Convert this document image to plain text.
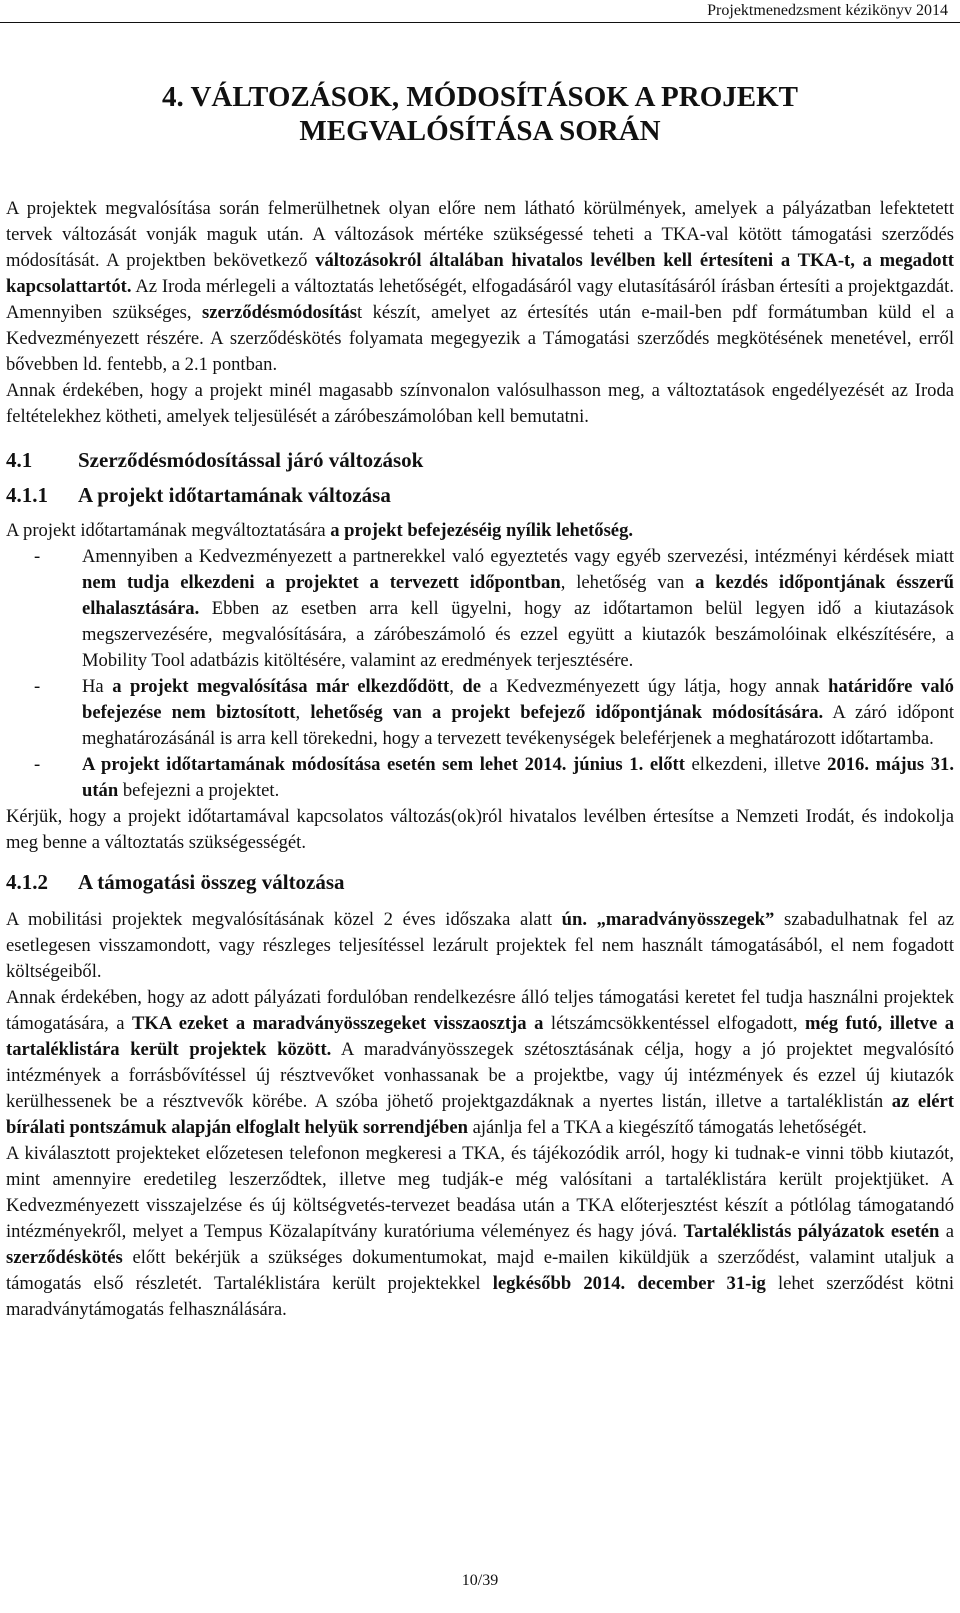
Projektmenedzsment kézikönyv 2014
4. VÁLTOZÁSOK, MÓDOSÍTÁSOK A PROJEKT
MEGVALÓSÍTÁSA SORÁN

A projektek megvalósítása során felmerülhetnek olyan előre nem látható körülmények, amelyek a pályázatban lefektetett tervek változását vonják maguk után. A változások mértéke szükségessé teheti a TKA-val kötött támogatási szerződés módosítását. A projektben bekövetkező változásokról általában hivatalos levélben kell értesíteni a TKA-t, a megadott kapcsolattartót. Az Iroda mérlegeli a változtatás lehetőségét, elfogadásáról vagy elutasításáról írásban értesíti a projektgazdát. Amennyiben szükséges, szerződésmódosítást készít, amelyet az értesítés után e-mail-ben pdf formátumban küld el a Kedvezményezett részére. A szerződéskötés folyamata megegyezik a Támogatási szerződés megkötésének menetével, erről bővebben ld. fentebb, a 2.1 pontban.

Annak érdekében, hogy a projekt minél magasabb színvonalon valósulhasson meg, a változtatások engedélyezését az Iroda feltételekhez kötheti, amelyek teljesülését a záróbeszámolóban kell bemutatni.

4.1	Szerződésmódosítással járó változások
4.1.1	A projekt időtartamának változása

A projekt időtartamának megváltoztatására a projekt befejezéséig nyílik lehetőség.

- Amennyiben a Kedvezményezett a partnerekkel való egyeztetés vagy egyéb szervezési, intézményi kérdések miatt nem tudja elkezdeni a projektet a tervezett időpontban, lehetőség van a kezdés időpontjának ésszerű elhalasztására. Ebben az esetben arra kell ügyelni, hogy az időtartamon belül legyen idő a kiutazások megszervezésére, megvalósítására, a záróbeszámoló és ezzel együtt a kiutazók beszámolóinak elkészítésére, a Mobility Tool adatbázis kitöltésére, valamint az eredmények terjesztésére.
- Ha a projekt megvalósítása már elkezdődött, de a Kedvezményezett úgy látja, hogy annak határidőre való befejezése nem biztosított, lehetőség van a projekt befejező időpontjának módosítására. A záró időpont meghatározásánál is arra kell törekedni, hogy a tervezett tevékenységek beleférjenek a meghatározott időtartamba.
- A projekt időtartamának módosítása esetén sem lehet 2014. június 1. előtt elkezdeni, illetve 2016. május 31. után befejezni a projektet.

Kérjük, hogy a projekt időtartamával kapcsolatos változás(ok)ról hivatalos levélben értesítse a Nemzeti Irodát, és indokolja meg benne a változtatás szükségességét.

4.1.2	A támogatási összeg változása

A mobilitási projektek megvalósításának közel 2 éves időszaka alatt ún. „maradványösszegek” szabadulhatnak fel az esetlegesen visszamondott, vagy részleges teljesítéssel lezárult projektek fel nem használt támogatásából, el nem fogadott költségeiből.

Annak érdekében, hogy az adott pályázati fordulóban rendelkezésre álló teljes támogatási keretet fel tudja használni projektek támogatására, a TKA ezeket a maradványösszegeket visszaosztja a létszámcsökkentéssel elfogadott, még futó, illetve a tartaléklistára került projektek között. A maradványösszegek szétosztásának célja, hogy a jó projektet megvalósító intézmények a forrásbővítéssel új résztvevőket vonhassanak be a projektbe, vagy új intézmények és ezzel új kiutazók kerülhessenek be a résztvevők körébe. A szóba jöhető projektgazdáknak a nyertes listán, illetve a tartaléklistán az elért bírálati pontszámuk alapján elfoglalt helyük sorrendjében ajánlja fel a TKA a kiegészítő támogatás lehetőségét.

A kiválasztott projekteket előzetesen telefonon megkeresi a TKA, és tájékozódik arról, hogy ki tudnak-e vinni több kiutazót, mint amennyire eredetileg leszerződtek, illetve meg tudják-e még valósítani a tartaléklistára került projektjüket. A Kedvezményezett visszajelzése és új költségvetés-tervezet beadása után a TKA előterjesztést készít a pótlólag támogatandó intézményekről, melyet a Tempus Közalapítvány kuratóriuma véleményez és hagy jóvá. Tartaléklistás pályázatok esetén a szerződéskötés előtt bekérjük a szükséges dokumentumokat, majd e-mailen kiküldjük a szerződést, valamint utaljuk a támogatás első részletét. Tartaléklistára került projektekkel legkésőbb 2014. december 31-ig lehet szerződést kötni maradványtámogatás felhasználására.

10/39
